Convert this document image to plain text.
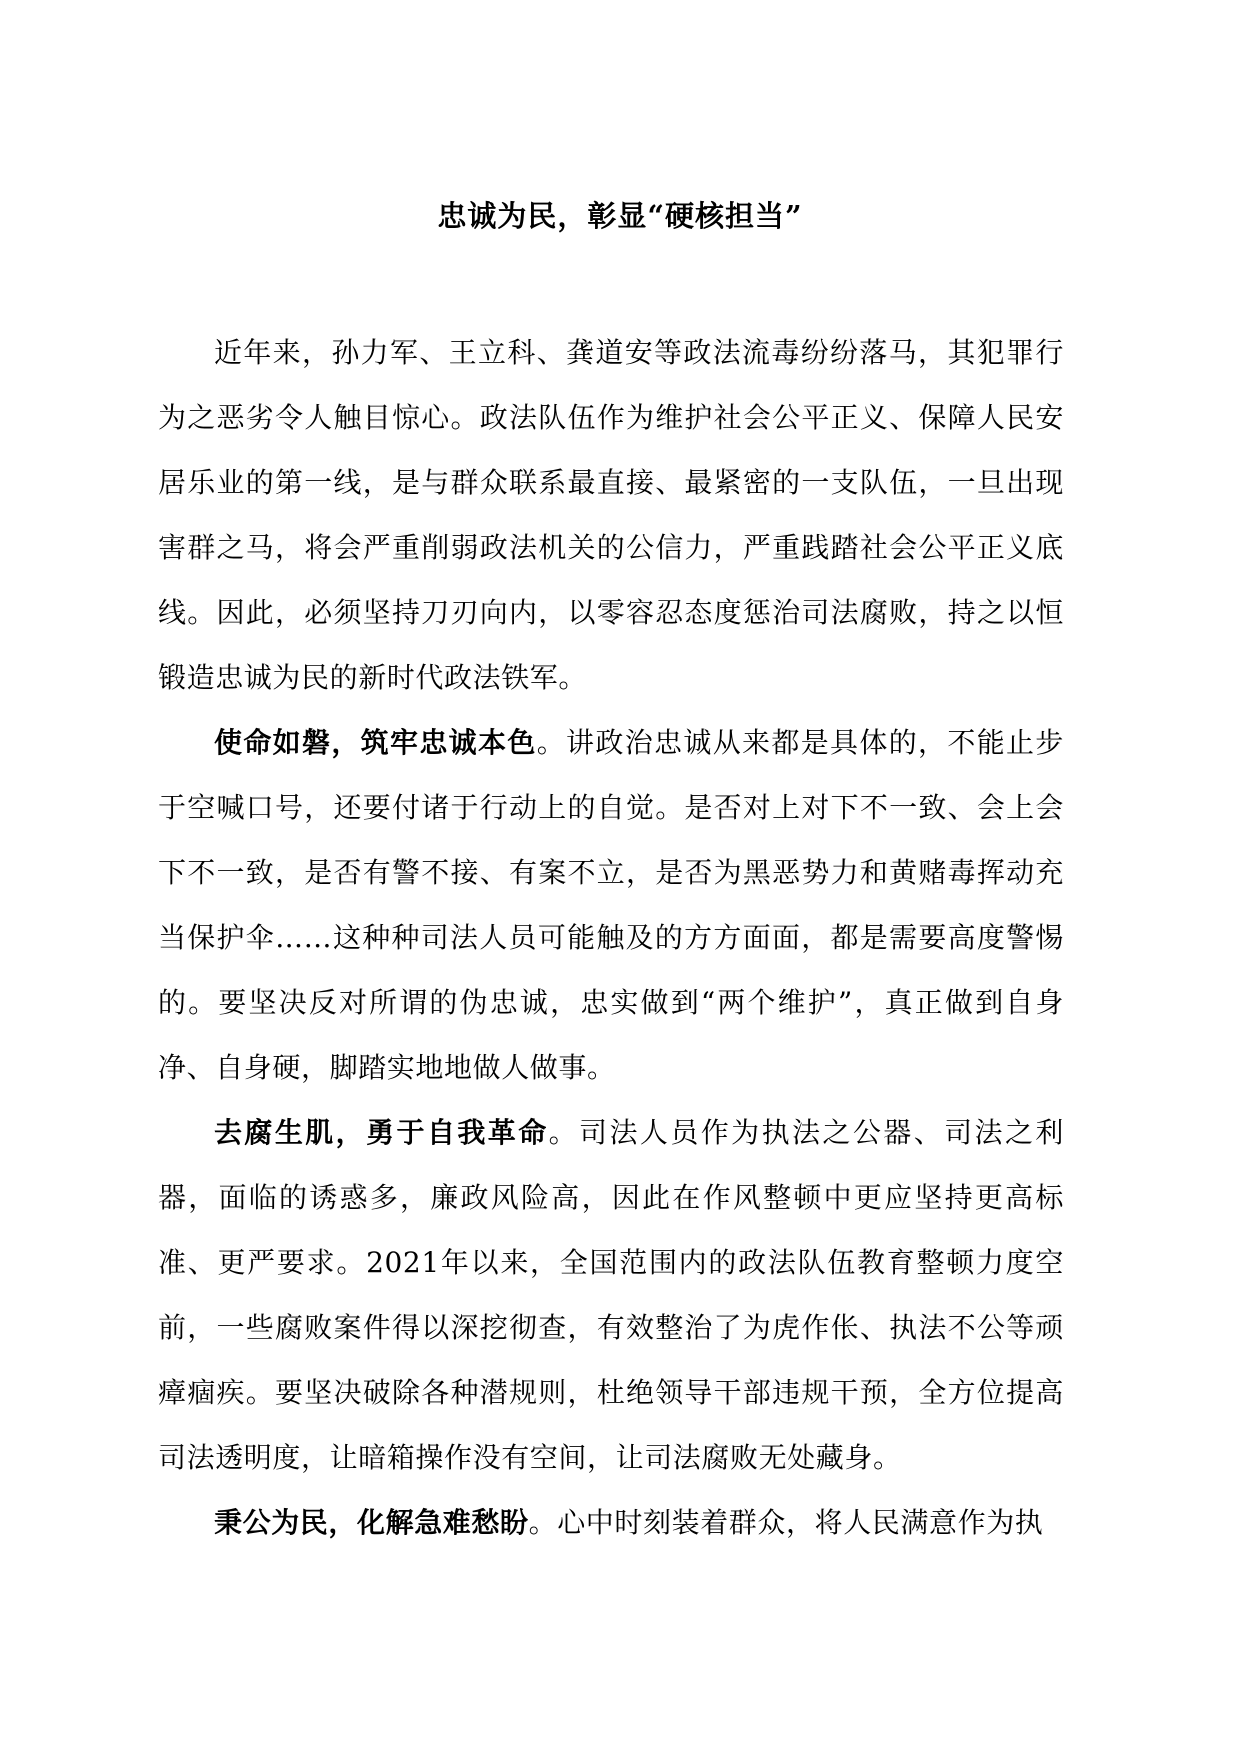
忠诚为民，彰显“硬核担当”

近年来，孙力军、王立科、龚道安等政法流毒纷纷落马，其犯罪行为之恶劣令人触目惊心。政法队伍作为维护社会公平正义、保障人民安居乐业的第一线，是与群众联系最直接、最紧密的一支队伍，一旦出现害群之马，将会严重削弱政法机关的公信力，严重践踏社会公平正义底线。因此，必须坚持刀刃向内，以零容忍态度惩治司法腐败，持之以恒锻造忠诚为民的新时代政法铁军。

使命如磐，筑牢忠诚本色。讲政治忠诚从来都是具体的，不能止步于空喊口号，还要付诸于行动上的自觉。是否对上对下不一致、会上会下不一致，是否有警不接、有案不立，是否为黑恶势力和黄赌毒挥动充当保护伞……这种种司法人员可能触及的方方面面，都是需要高度警惕的。要坚决反对所谓的伪忠诚，忠实做到“两个维护”，真正做到自身净、自身硬，脚踏实地地做人做事。

去腐生肌，勇于自我革命。司法人员作为执法之公器、司法之利器，面临的诱惑多，廉政风险高，因此在作风整顿中更应坚持更高标准、更严要求。2021年以来，全国范围内的政法队伍教育整顿力度空前，一些腐败案件得以深挖彻查，有效整治了为虎作伥、执法不公等顽瘴痼疾。要坚决破除各种潜规则，杜绝领导干部违规干预，全方位提高司法透明度，让暗箱操作没有空间，让司法腐败无处藏身。

秉公为民，化解急难愁盼。心中时刻装着群众，将人民满意作为执
